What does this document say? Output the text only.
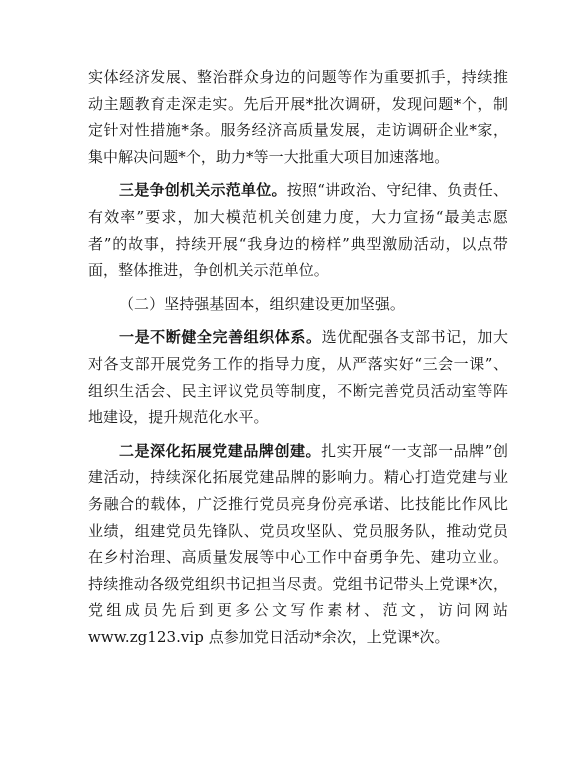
实体经济发展、整治群众身边的问题等作为重要抓手，持续推动主题教育走深走实。先后开展*批次调研，发现问题*个，制定针对性措施*条。服务经济高质量发展，走访调研企业*家，集中解决问题*个，助力*等一大批重大项目加速落地。

三是争创机关示范单位。按照“讲政治、守纪律、负责任、有效率”要求，加大模范机关创建力度，大力宣扬“最美志愿者”的故事，持续开展“我身边的榜样”典型激励活动，以点带面，整体推进，争创机关示范单位。

（二）坚持强基固本，组织建设更加坚强。

一是不断健全完善组织体系。选优配强各支部书记，加大对各支部开展党务工作的指导力度，从严落实好“三会一课”、组织生活会、民主评议党员等制度，不断完善党员活动室等阵地建设，提升规范化水平。

二是深化拓展党建品牌创建。扎实开展“一支部一品牌”创建活动，持续深化拓展党建品牌的影响力。精心打造党建与业务融合的载体，广泛推行党员亮身份亮承诺、比技能比作风比业绩，组建党员先锋队、党员攻坚队、党员服务队，推动党员在乡村治理、高质量发展等中心工作中奋勇争先、建功立业。持续推动各级党组织书记担当尽责。党组书记带头上党课*次，党组成员先后到更多公文写作素材、范文，访问网站www.zg123.vip 点参加党日活动*余次，上党课*次。
